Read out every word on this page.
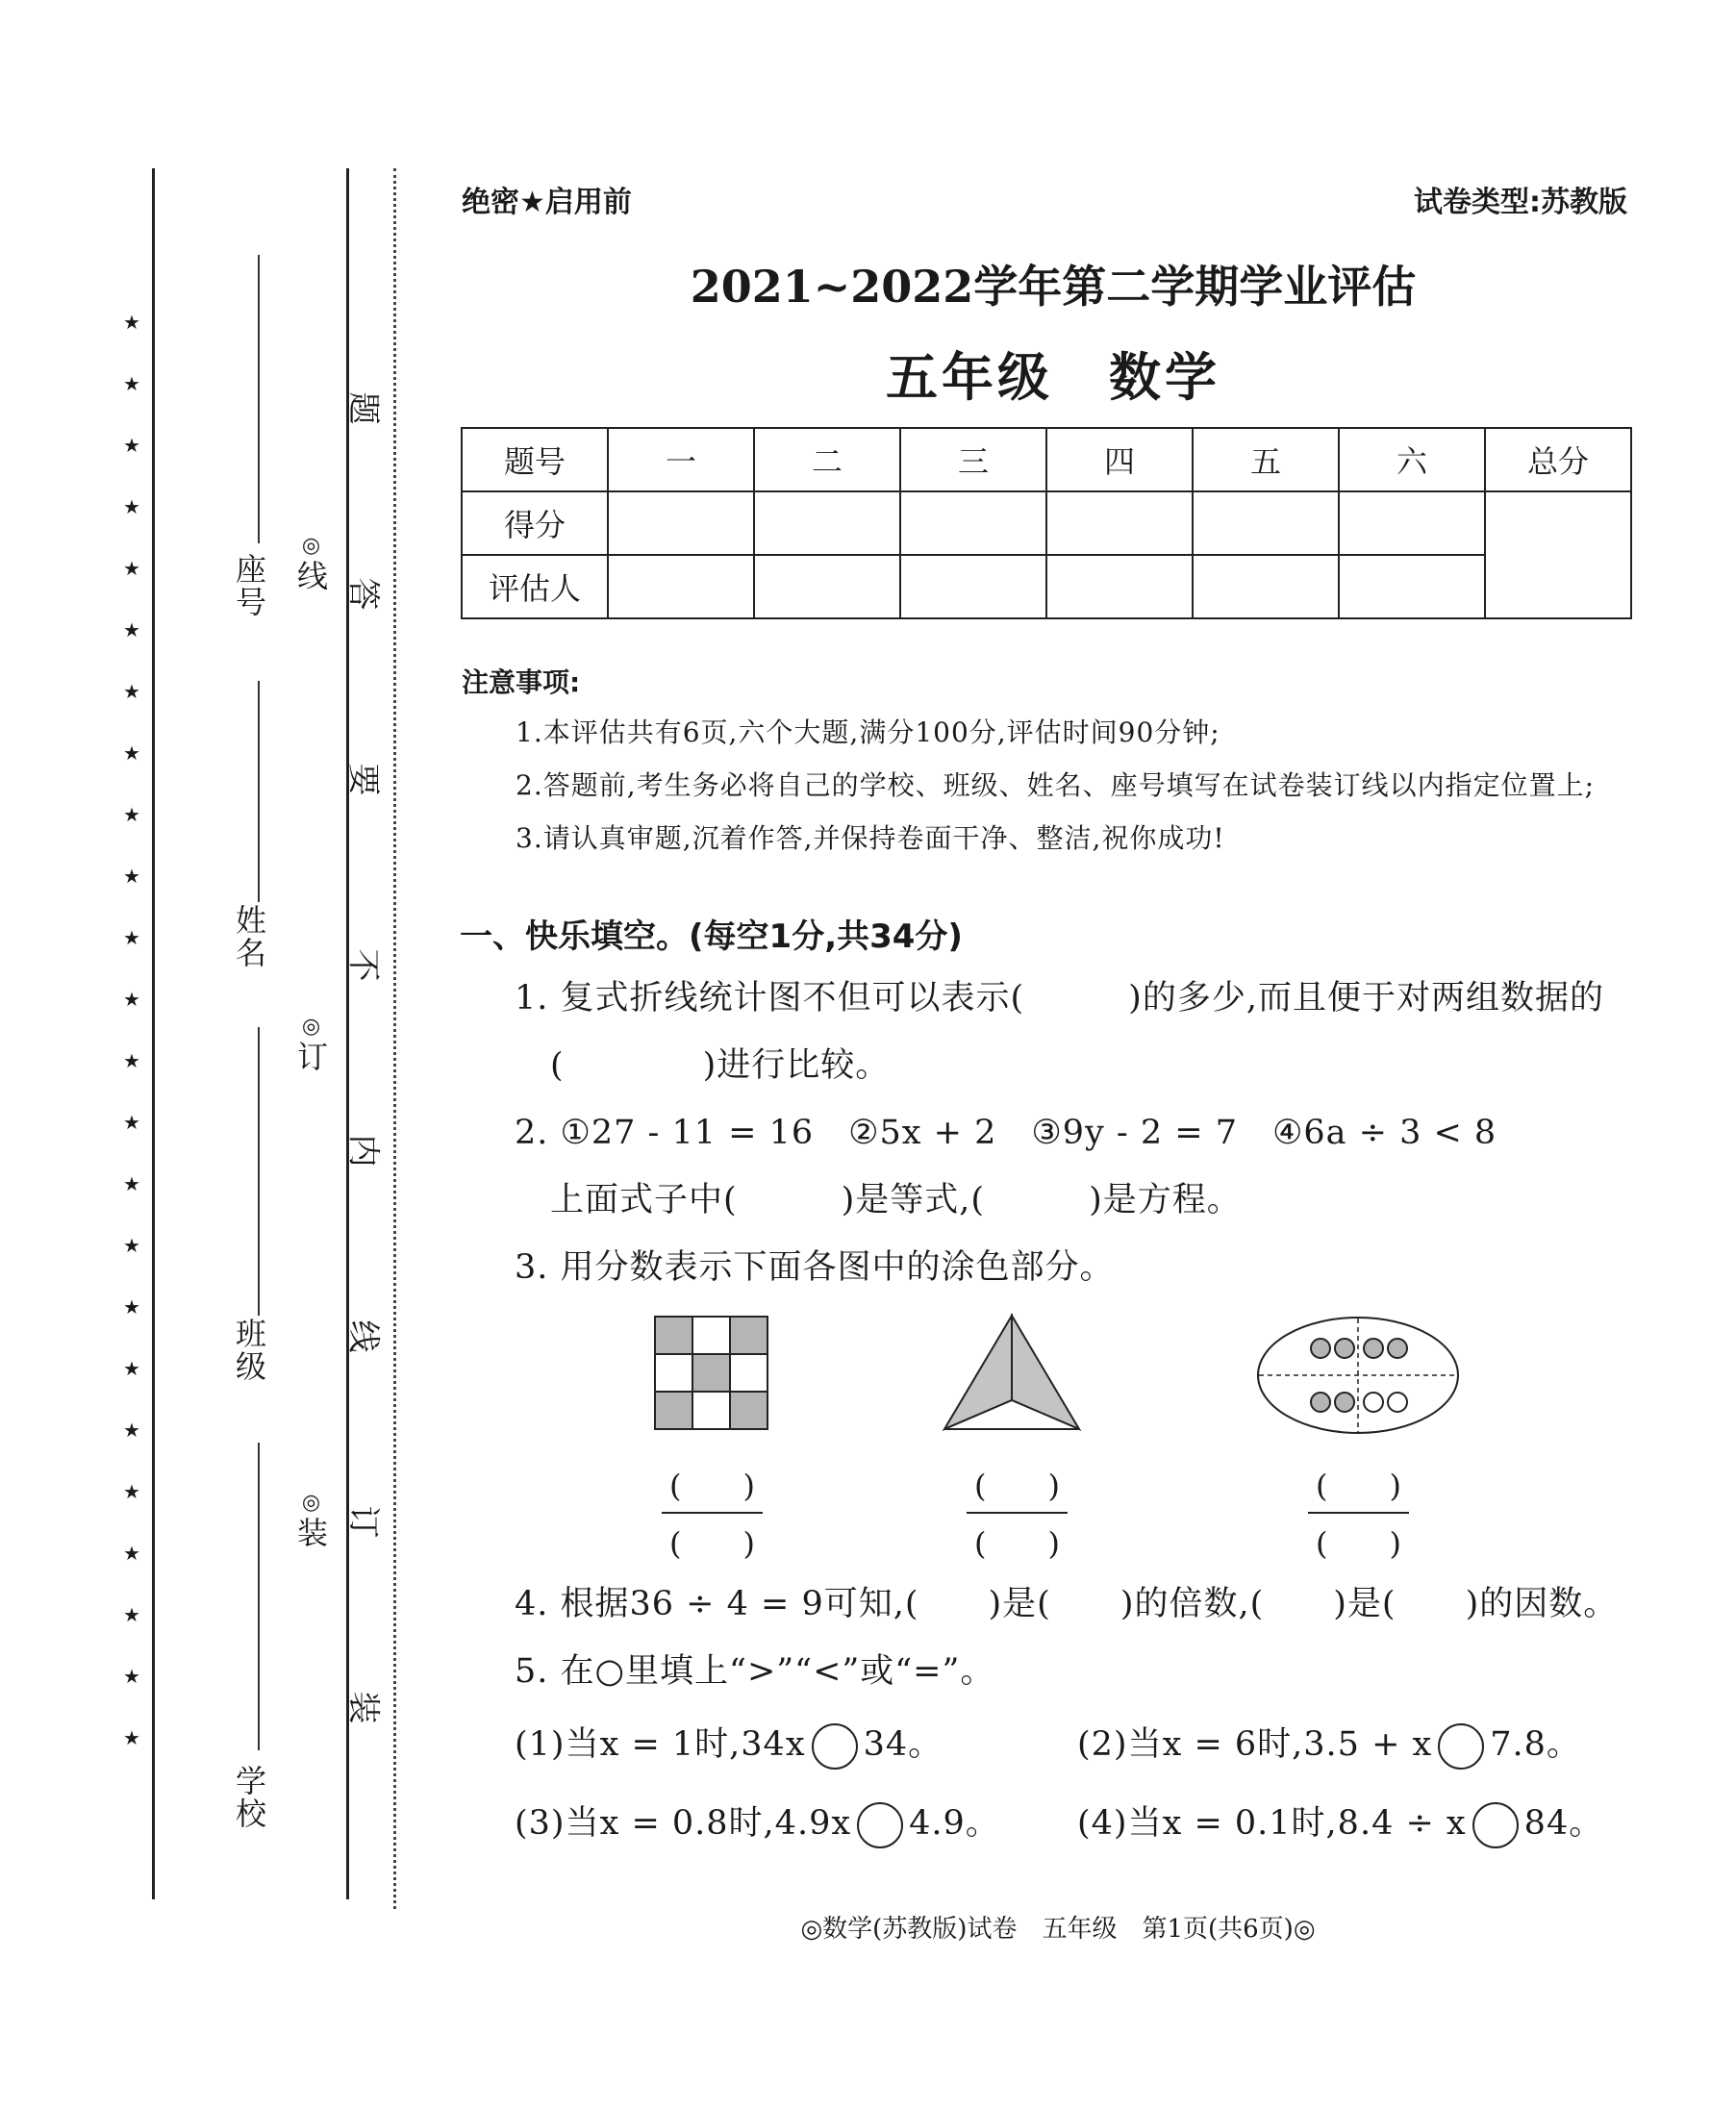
★
★
★
★
★
★
★
★
★
★
★
★
★
★
★
★
★
★
★
★
★
★
★
★
座号
姓名
班级
学校
◎线
◎订
◎装
题
答
要
不
内
线
订
装
绝密★启用前	试卷类型:苏教版
2021~2022学年第二学期学业评估
五年级　数学
题号	一	二	三	四	五	六	总分
得分							
评估人							
注意事项:
1.本评估共有6页,六个大题,满分100分,评估时间90分钟;
2.答题前,考生务必将自己的学校、班级、姓名、座号填写在试卷装订线以内指定位置上;
3.请认真审题,沉着作答,并保持卷面干净、整洁,祝你成功!
一、快乐填空。(每空1分,共34分)
1. 复式折线统计图不但可以表示(　　　)的多少,而且便于对两组数据的
(　　　　)进行比较。
2. ①27 - 11 = 16　②5x + 2　③9y - 2 = 7　④6a ÷ 3 < 8
上面式子中(　　　)是等式,(　　　)是方程。
3. 用分数表示下面各图中的涂色部分。
(　　)
(　　)
(　　)
(　　)
(　　)
(　　)
4. 根据36 ÷ 4 = 9可知,(　　)是(　　)的倍数,(　　)是(　　)的因数。
5. 在○里填上“>”“<”或“=”。
(1)当x = 1时,34x 34。	(2)当x = 6时,3.5 + x 7.8。
(3)当x = 0.8时,4.9x 4.9。 (4)当x = 0.1时,8.4 ÷ x 84。
◎数学(苏教版)试卷　五年级　第1页(共6页)◎
